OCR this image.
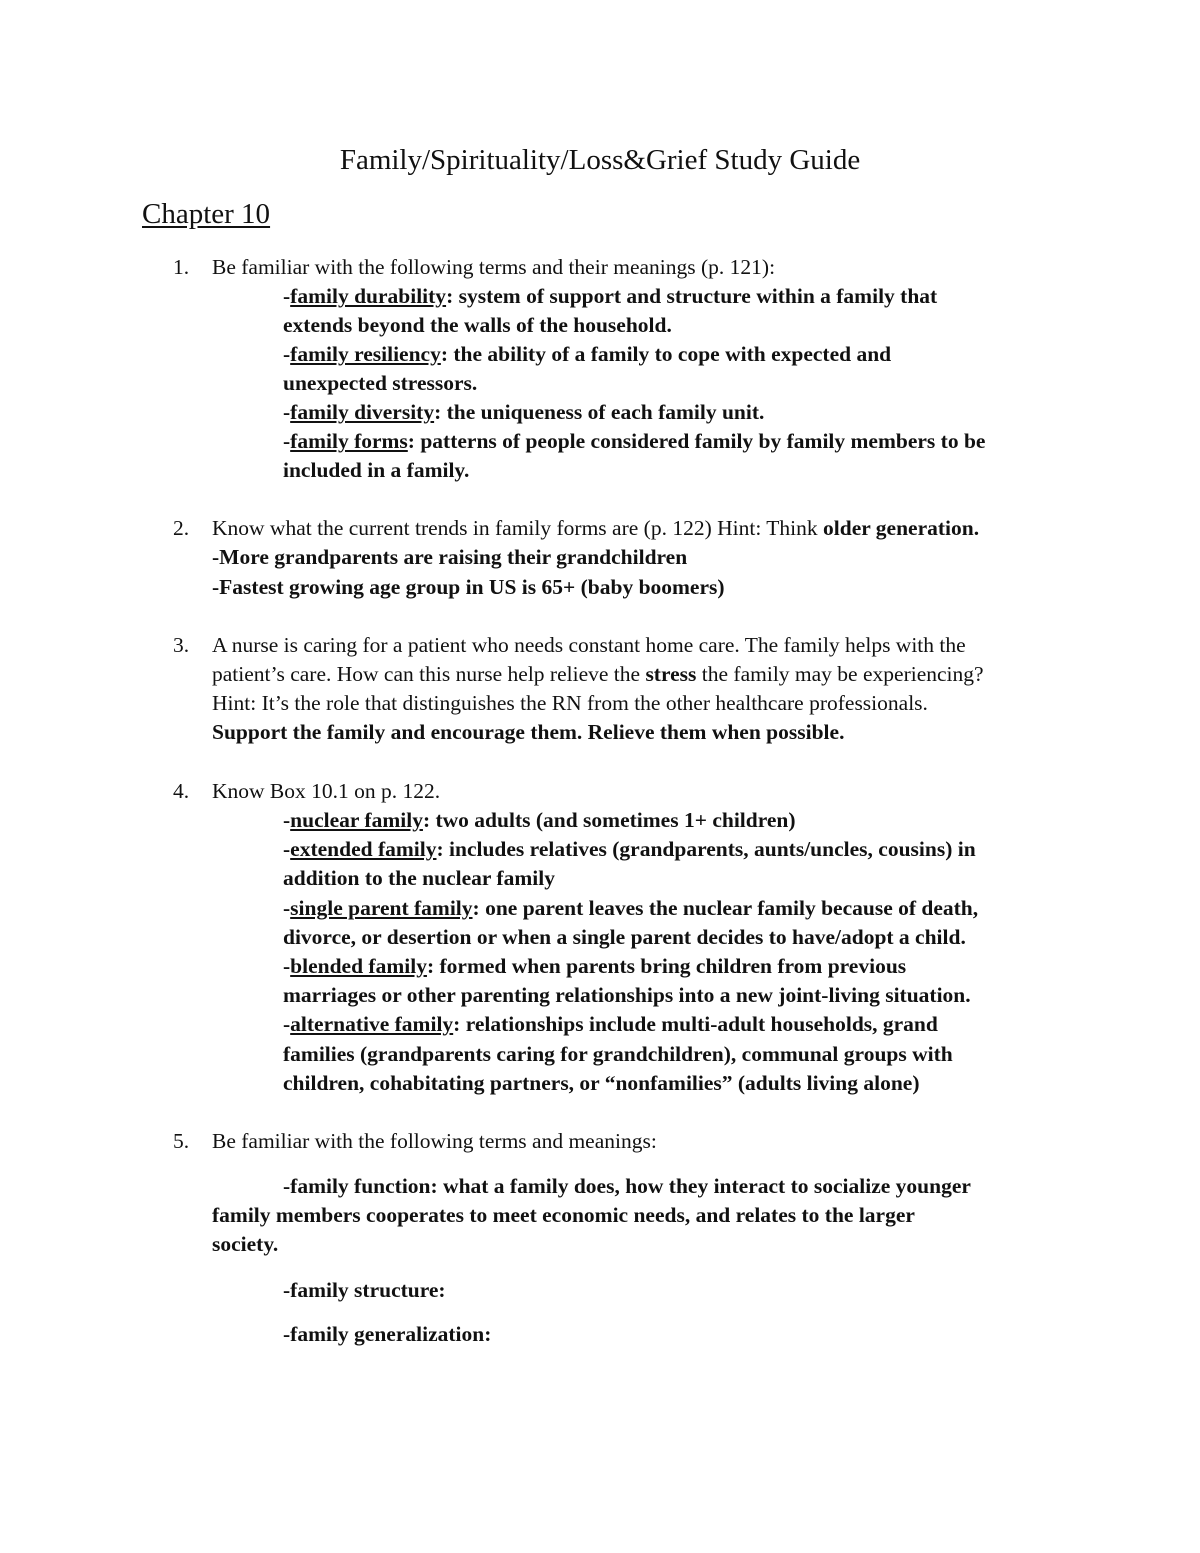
Family/Spirituality/Loss&Grief Study Guide
Chapter 10
1. Be familiar with the following terms and their meanings (p. 121):
-family durability: system of support and structure within a family that
extends beyond the walls of the household.
-family resiliency: the ability of a family to cope with expected and
unexpected stressors.
-family diversity: the uniqueness of each family unit.
-family forms: patterns of people considered family by family members to be
included in a family.
2. Know what the current trends in family forms are (p. 122) Hint: Think older generation.
-More grandparents are raising their grandchildren
-Fastest growing age group in US is 65+ (baby boomers)
3. A nurse is caring for a patient who needs constant home care. The family helps with the
patient’s care. How can this nurse help relieve the stress the family may be experiencing?
Hint: It’s the role that distinguishes the RN from the other healthcare professionals.
Support the family and encourage them. Relieve them when possible.
4. Know Box 10.1 on p. 122.
-nuclear family: two adults (and sometimes 1+ children)
-extended family: includes relatives (grandparents, aunts/uncles, cousins) in
addition to the nuclear family
-single parent family: one parent leaves the nuclear family because of death,
divorce, or desertion or when a single parent decides to have/adopt a child.
-blended family: formed when parents bring children from previous
marriages or other parenting relationships into a new joint-living situation.
-alternative family: relationships include multi-adult households, grand
families (grandparents caring for grandchildren), communal groups with
children, cohabitating partners, or “nonfamilies” (adults living alone)
5. Be familiar with the following terms and meanings:
-family function: what a family does, how they interact to socialize younger
family members cooperates to meet economic needs, and relates to the larger
society.
-family structure:
-family generalization:
